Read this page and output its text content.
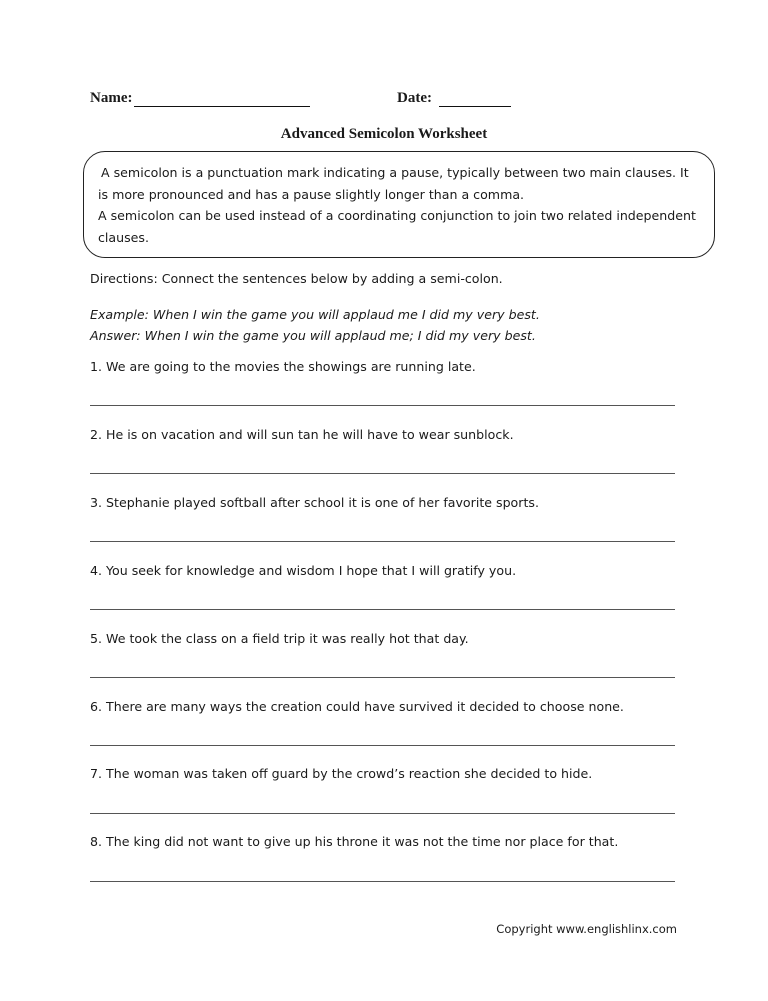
Name:	Date:
Advanced Semicolon Worksheet
A semicolon is a punctuation mark indicating a pause, typically between two main clauses. It is more pronounced and has a pause slightly longer than a comma.
A semicolon can be used instead of a coordinating conjunction to join two related independent clauses.
Directions: Connect the sentences below by adding a semi-colon.
Example: When I win the game you will applaud me I did my very best.
Answer: When I win the game you will applaud me; I did my very best.
1. We are going to the movies the showings are running late.
2. He is on vacation and will sun tan he will have to wear sunblock.
3. Stephanie played softball after school it is one of her favorite sports.
4. You seek for knowledge and wisdom I hope that I will gratify you.
5. We took the class on a field trip it was really hot that day.
6. There are many ways the creation could have survived it decided to choose none.
7. The woman was taken off guard by the crowd’s reaction she decided to hide.
8. The king did not want to give up his throne it was not the time nor place for that.
Copyright www.englishlinx.com
